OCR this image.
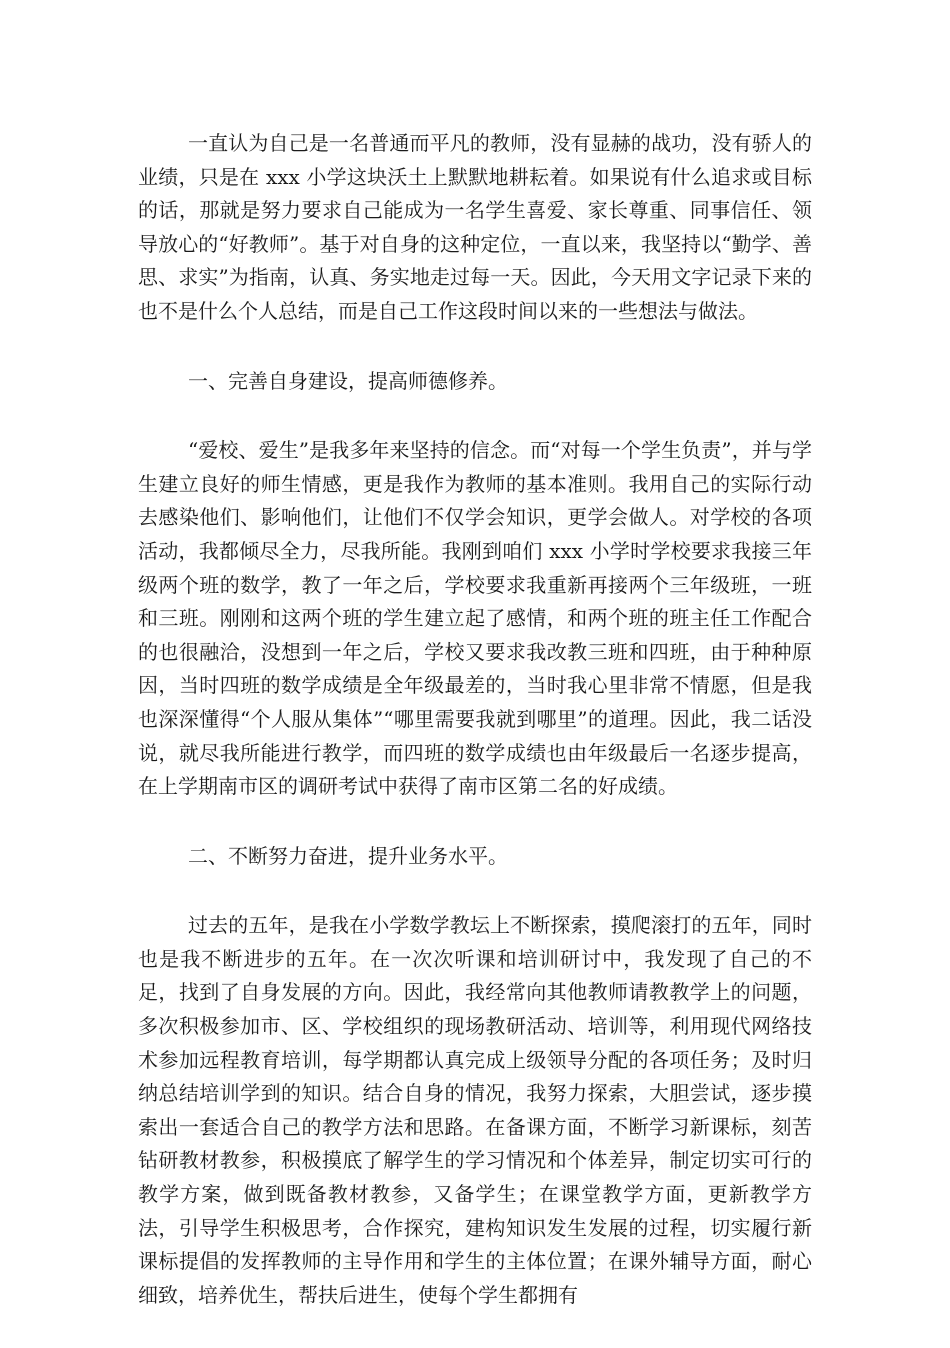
一直认为自己是一名普通而平凡的教师，没有显赫的战功，没有骄人的业绩，只是在 xxx 小学这块沃土上默默地耕耘着。如果说有什么追求或目标的话，那就是努力要求自己能成为一名学生喜爱、家长尊重、同事信任、领导放心的“好教师”。基于对自身的这种定位，一直以来，我坚持以“勤学、善思、求实”为指南，认真、务实地走过每一天。因此，今天用文字记录下来的也不是什么个人总结，而是自己工作这段时间以来的一些想法与做法。

一、完善自身建设，提高师德修养。

“爱校、爱生”是我多年来坚持的信念。而“对每一个学生负责”，并与学生建立良好的师生情感，更是我作为教师的基本准则。我用自己的实际行动去感染他们、影响他们，让他们不仅学会知识，更学会做人。对学校的各项活动，我都倾尽全力，尽我所能。我刚到咱们 xxx 小学时学校要求我接三年级两个班的数学，教了一年之后，学校要求我重新再接两个三年级班，一班和三班。刚刚和这两个班的学生建立起了感情，和两个班的班主任工作配合的也很融洽，没想到一年之后，学校又要求我改教三班和四班，由于种种原因，当时四班的数学成绩是全年级最差的，当时我心里非常不情愿，但是我也深深懂得“个人服从集体”“哪里需要我就到哪里”的道理。因此，我二话没说，就尽我所能进行教学，而四班的数学成绩也由年级最后一名逐步提高，在上学期南市区的调研考试中获得了南市区第二名的好成绩。

二、不断努力奋进，提升业务水平。

过去的五年，是我在小学数学教坛上不断探索，摸爬滚打的五年，同时也是我不断进步的五年。在一次次听课和培训研讨中，我发现了自己的不足，找到了自身发展的方向。因此，我经常向其他教师请教教学上的问题，多次积极参加市、区、学校组织的现场教研活动、培训等，利用现代网络技术参加远程教育培训，每学期都认真完成上级领导分配的各项任务；及时归纳总结培训学到的知识。结合自身的情况，我努力探索，大胆尝试，逐步摸索出一套适合自己的教学方法和思路。在备课方面，不断学习新课标，刻苦钻研教材教参，积极摸底了解学生的学习情况和个体差异，制定切实可行的教学方案，做到既备教材教参，又备学生；在课堂教学方面，更新教学方法，引导学生积极思考，合作探究，建构知识发生发展的过程，切实履行新课标提倡的发挥教师的主导作用和学生的主体位置；在课外辅导方面，耐心细致，培养优生，帮扶后进生，使每个学生都拥有
